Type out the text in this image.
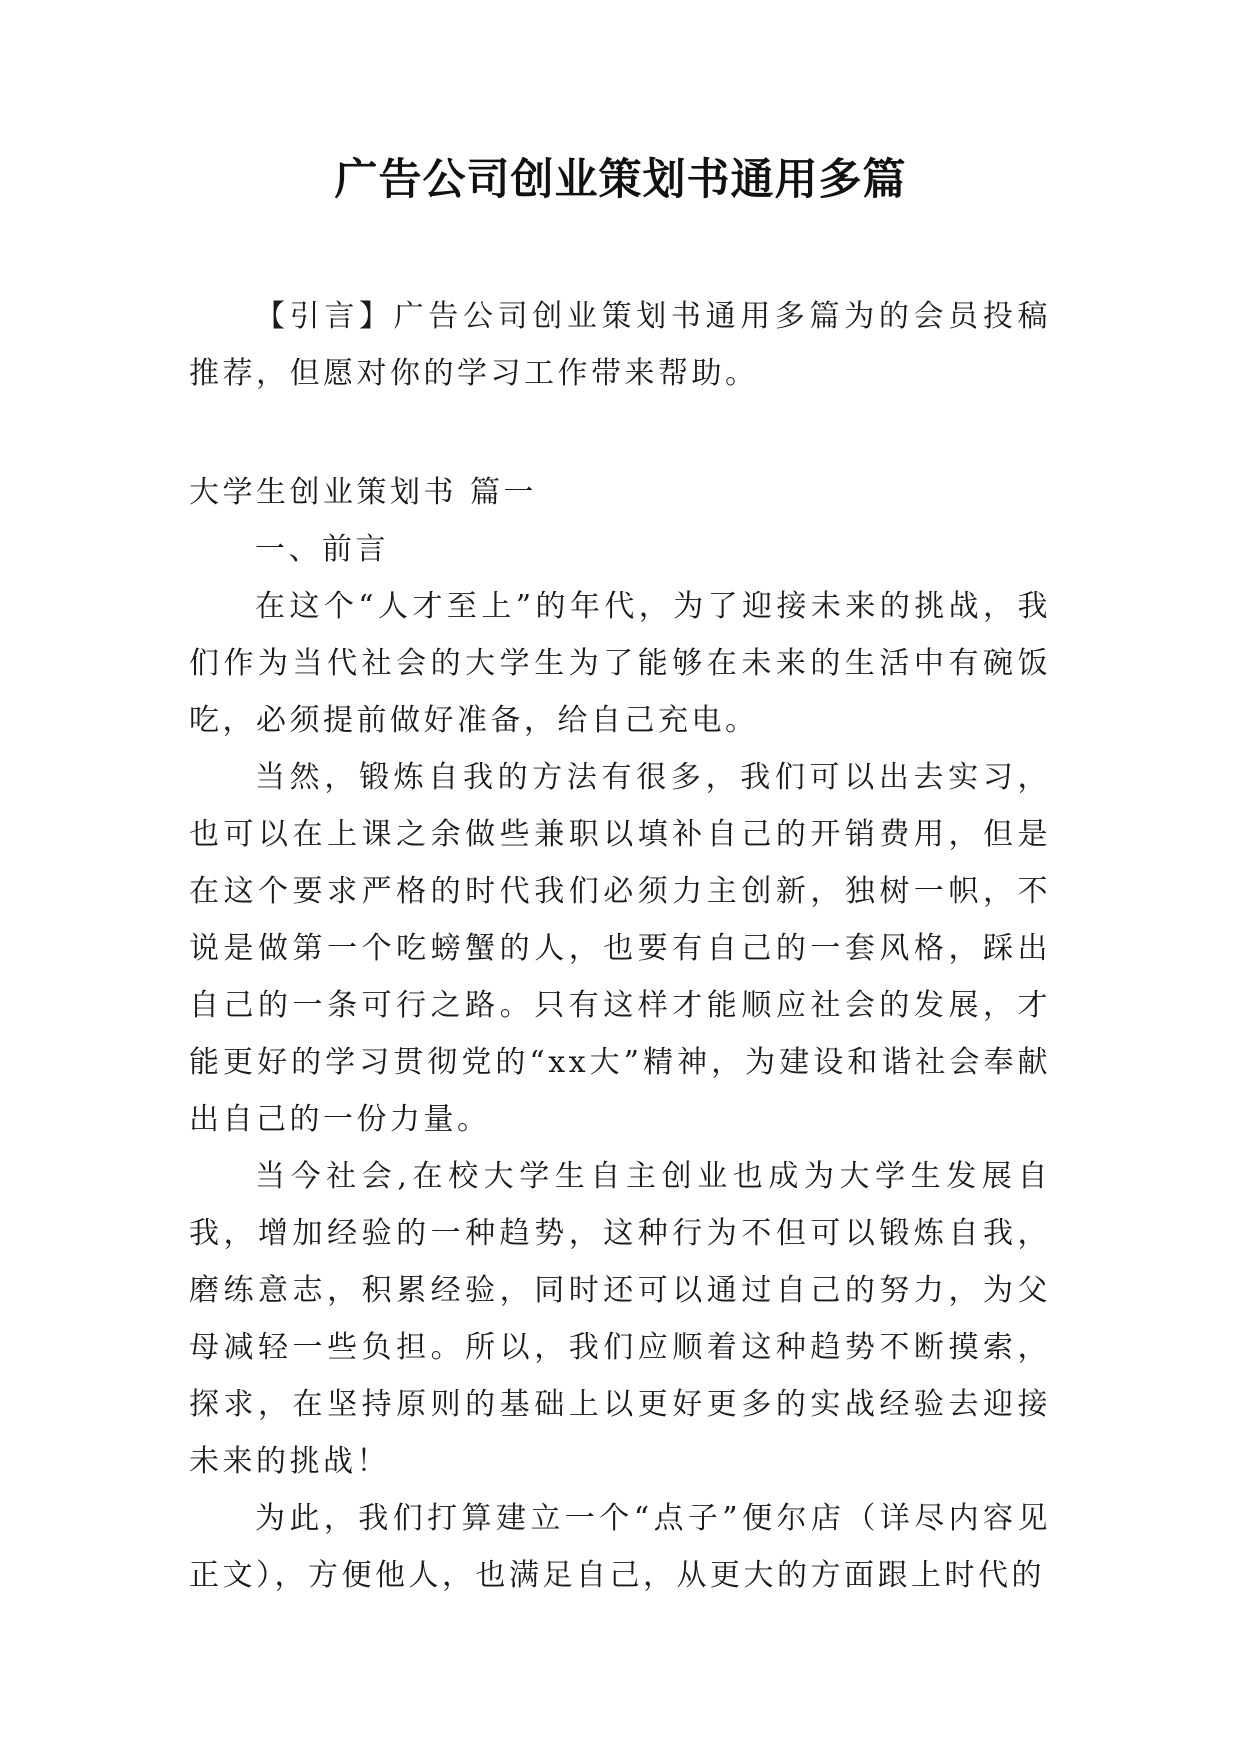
广告公司创业策划书通用多篇

【引言】广告公司创业策划书通用多篇为的会员投稿推荐，但愿对你的学习工作带来帮助。

大学生创业策划书 篇一

一、前言

在这个“人才至上”的年代，为了迎接未来的挑战，我们作为当代社会的大学生为了能够在未来的生活中有碗饭吃，必须提前做好准备，给自己充电。

当然，锻炼自我的方法有很多，我们可以出去实习，也可以在上课之余做些兼职以填补自己的开销费用，但是在这个要求严格的时代我们必须力主创新，独树一帜，不说是做第一个吃螃蟹的人，也要有自己的一套风格，踩出自己的一条可行之路。只有这样才能顺应社会的发展，才能更好的学习贯彻党的“xx大”精神，为建设和谐社会奉献出自己的一份力量。

当今社会,在校大学生自主创业也成为大学生发展自我，增加经验的一种趋势，这种行为不但可以锻炼自我，磨练意志，积累经验，同时还可以通过自己的努力，为父母减轻一些负担。所以，我们应顺着这种趋势不断摸索，探求，在坚持原则的基础上以更好更多的实战经验去迎接未来的挑战！

为此，我们打算建立一个“点子”便尔店（详尽内容见正文），方便他人，也满足自己，从更大的方面跟上时代的
